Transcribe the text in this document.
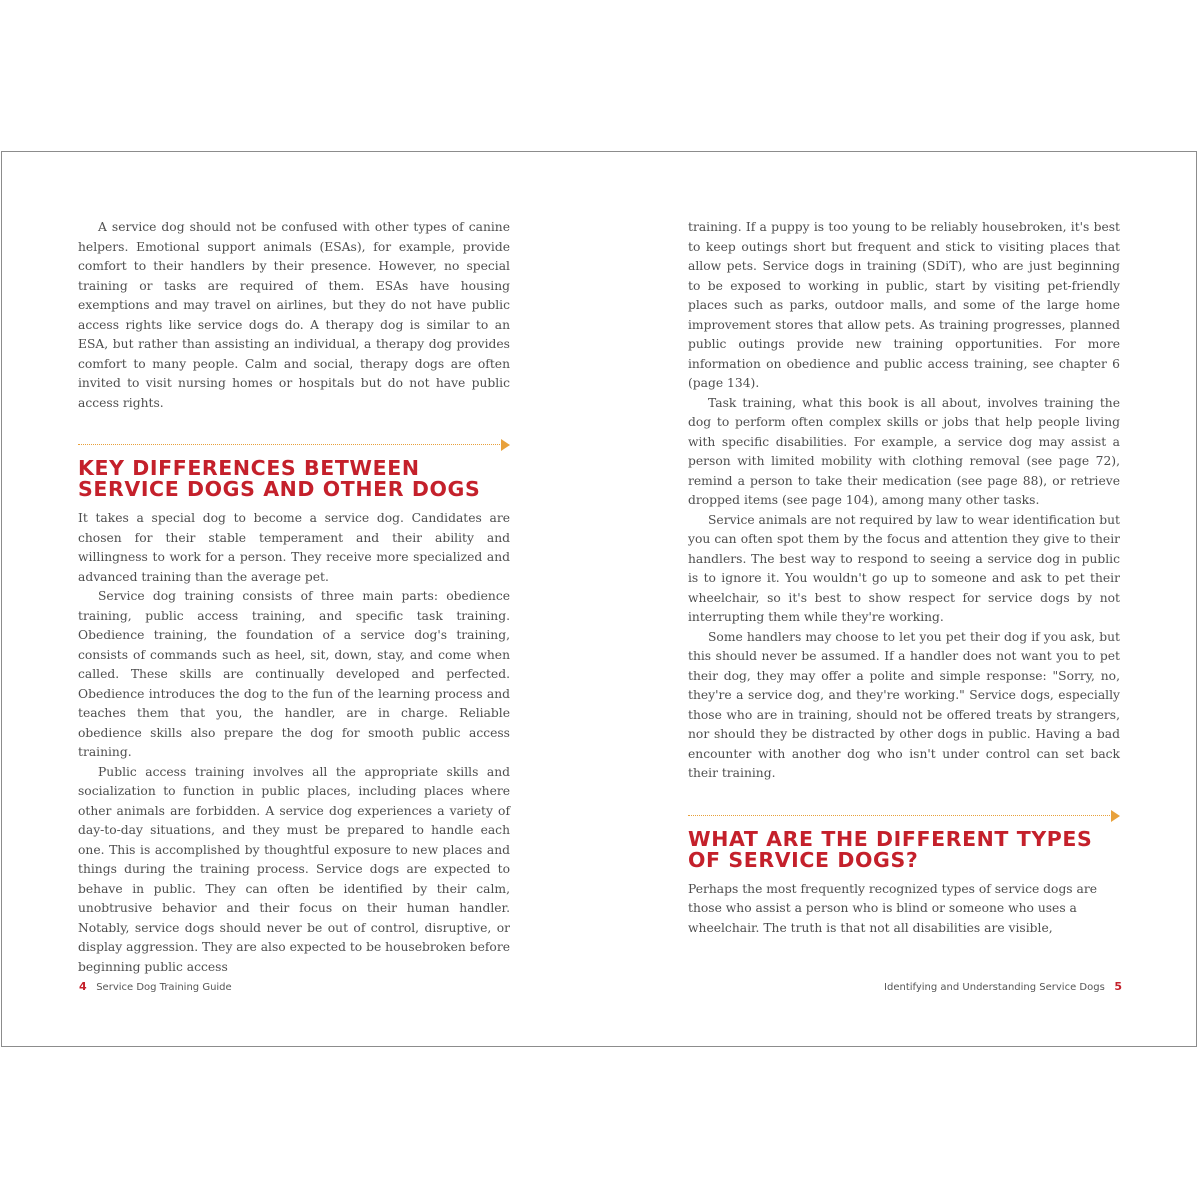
A service dog should not be confused with other types of canine helpers. Emotional support animals (ESAs), for example, provide comfort to their handlers by their presence. However, no special training or tasks are required of them. ESAs have housing exemptions and may travel on airlines, but they do not have public access rights like service dogs do. A therapy dog is similar to an ESA, but rather than assisting an individual, a therapy dog provides comfort to many people. Calm and social, therapy dogs are often invited to visit nursing homes or hospitals but do not have public access rights.

KEY DIFFERENCES BETWEEN SERVICE DOGS AND OTHER DOGS

It takes a special dog to become a service dog. Candidates are chosen for their stable temperament and their ability and willingness to work for a person. They receive more specialized and advanced training than the average pet.

Service dog training consists of three main parts: obedience training, public access training, and specific task training. Obedience training, the foundation of a service dog's training, consists of commands such as heel, sit, down, stay, and come when called. These skills are continually developed and perfected. Obedience introduces the dog to the fun of the learning process and teaches them that you, the handler, are in charge. Reliable obedience skills also prepare the dog for smooth public access training.

Public access training involves all the appropriate skills and socialization to function in public places, including places where other animals are forbidden. A service dog experiences a variety of day-to-day situations, and they must be prepared to handle each one. This is accomplished by thoughtful exposure to new places and things during the training process. Service dogs are expected to behave in public. They can often be identified by their calm, unobtrusive behavior and their focus on their human handler. Notably, service dogs should never be out of control, disruptive, or display aggression. They are also expected to be housebroken before beginning public access

4 Service Dog Training Guide

training. If a puppy is too young to be reliably housebroken, it's best to keep outings short but frequent and stick to visiting places that allow pets. Service dogs in training (SDiT), who are just beginning to be exposed to working in public, start by visiting pet-friendly places such as parks, outdoor malls, and some of the large home improvement stores that allow pets. As training progresses, planned public outings provide new training opportunities. For more information on obedience and public access training, see chapter 6 (page 134).

Task training, what this book is all about, involves training the dog to perform often complex skills or jobs that help people living with specific disabilities. For example, a service dog may assist a person with limited mobility with clothing removal (see page 72), remind a person to take their medication (see page 88), or retrieve dropped items (see page 104), among many other tasks.

Service animals are not required by law to wear identification but you can often spot them by the focus and attention they give to their handlers. The best way to respond to seeing a service dog in public is to ignore it. You wouldn't go up to someone and ask to pet their wheelchair, so it's best to show respect for service dogs by not interrupting them while they're working.

Some handlers may choose to let you pet their dog if you ask, but this should never be assumed. If a handler does not want you to pet their dog, they may offer a polite and simple response: "Sorry, no, they're a service dog, and they're working." Service dogs, especially those who are in training, should not be offered treats by strangers, nor should they be distracted by other dogs in public. Having a bad encounter with another dog who isn't under control can set back their training.

WHAT ARE THE DIFFERENT TYPES OF SERVICE DOGS?

Perhaps the most frequently recognized types of service dogs are those who assist a person who is blind or someone who uses a wheelchair. The truth is that not all disabilities are visible,

Identifying and Understanding Service Dogs 5
